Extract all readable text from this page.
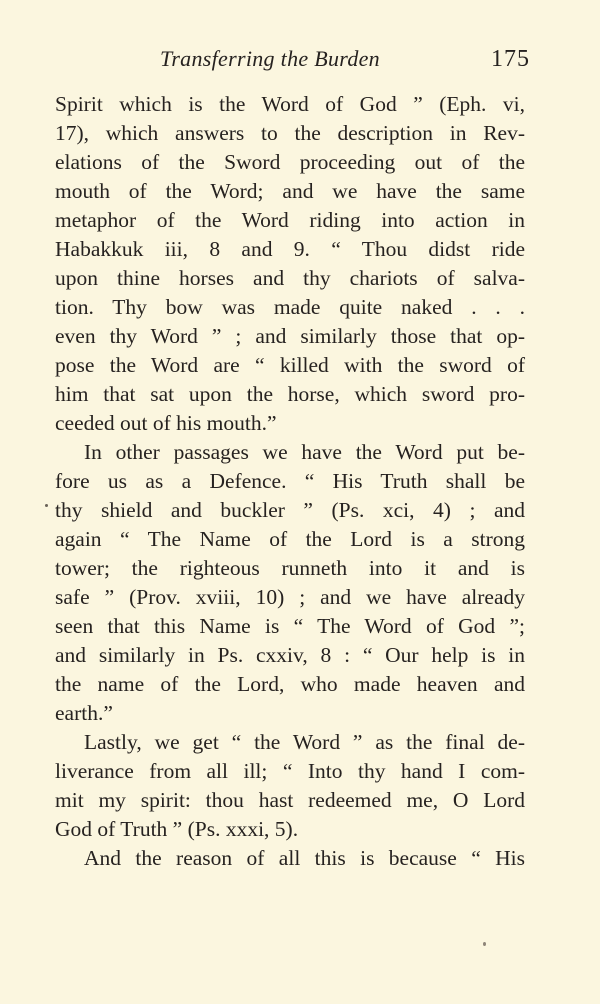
Transferring the Burden	175
Spirit which is the Word of God ” (Eph. vi,
17), which answers to the description in Rev-
elations of the Sword proceeding out of the
mouth of the Word; and we have the same
metaphor of the Word riding into action in
Habakkuk iii, 8 and 9. “ Thou didst ride
upon thine horses and thy chariots of salva-
tion. Thy bow was made quite naked . . .
even thy Word ” ; and similarly those that op-
pose the Word are “ killed with the sword of
him that sat upon the horse, which sword pro-
ceeded out of his mouth.”
In other passages we have the Word put be-
fore us as a Defence. “ His Truth shall be
thy shield and buckler ” (Ps. xci, 4) ; and
again “ The Name of the Lord is a strong
tower; the righteous runneth into it and is
safe ” (Prov. xviii, 10) ; and we have already
seen that this Name is “ The Word of God ”;
and similarly in Ps. cxxiv, 8 : “ Our help is in
the name of the Lord, who made heaven and
earth.”
Lastly, we get “ the Word ” as the final de-
liverance from all ill; “ Into thy hand I com-
mit my spirit: thou hast redeemed me, O Lord
God of Truth ” (Ps. xxxi, 5).
And the reason of all this is because “ His
